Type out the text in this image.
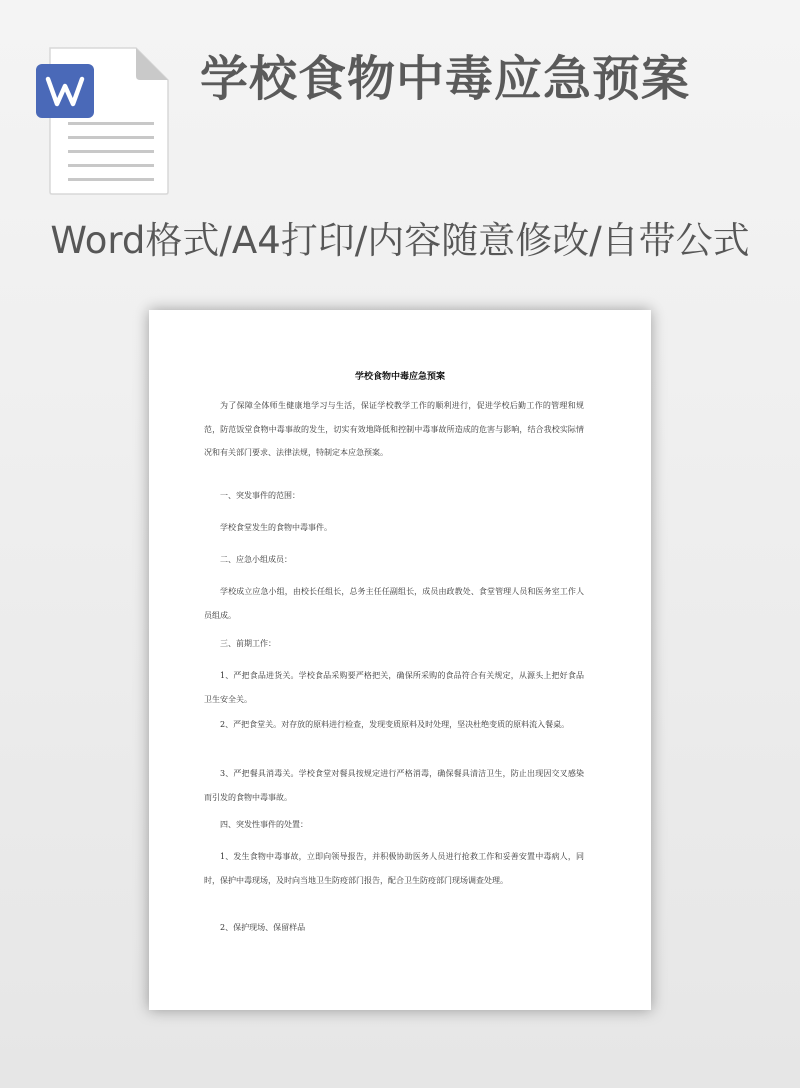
学校食物中毒应急预案
Word格式/A4打印/内容随意修改/自带公式
学校食物中毒应急预案

为了保障全体师生健康地学习与生活，保证学校教学工作的顺利进行，促进学校后勤工作的管理和规范，防范饭堂食物中毒事故的发生，切实有效地降低和控制中毒事故所造成的危害与影响，结合我校实际情况和有关部门要求、法律法规，特制定本应急预案。

一、突发事件的范围：

学校食堂发生的食物中毒事件。

二、应急小组成员：

学校成立应急小组，由校长任组长，总务主任任副组长，成员由政教处、食堂管理人员和医务室工作人员组成。

三、前期工作：

1、严把食品进货关。学校食品采购要严格把关，确保所采购的食品符合有关规定，从源头上把好食品卫生安全关。

2、严把食堂关。对存放的原料进行检查，发现变质原料及时处理，坚决杜绝变质的原料流入餐桌。

3、严把餐具消毒关。学校食堂对餐具按规定进行严格消毒，确保餐具清洁卫生，防止出现因交叉感染而引发的食物中毒事故。

四、突发性事件的处置：

1、发生食物中毒事故，立即向领导报告，并积极协助医务人员进行抢救工作和妥善安置中毒病人，同时，保护中毒现场，及时向当地卫生防疫部门报告，配合卫生防疫部门现场调查处理。

2、保护现场、保留样品
